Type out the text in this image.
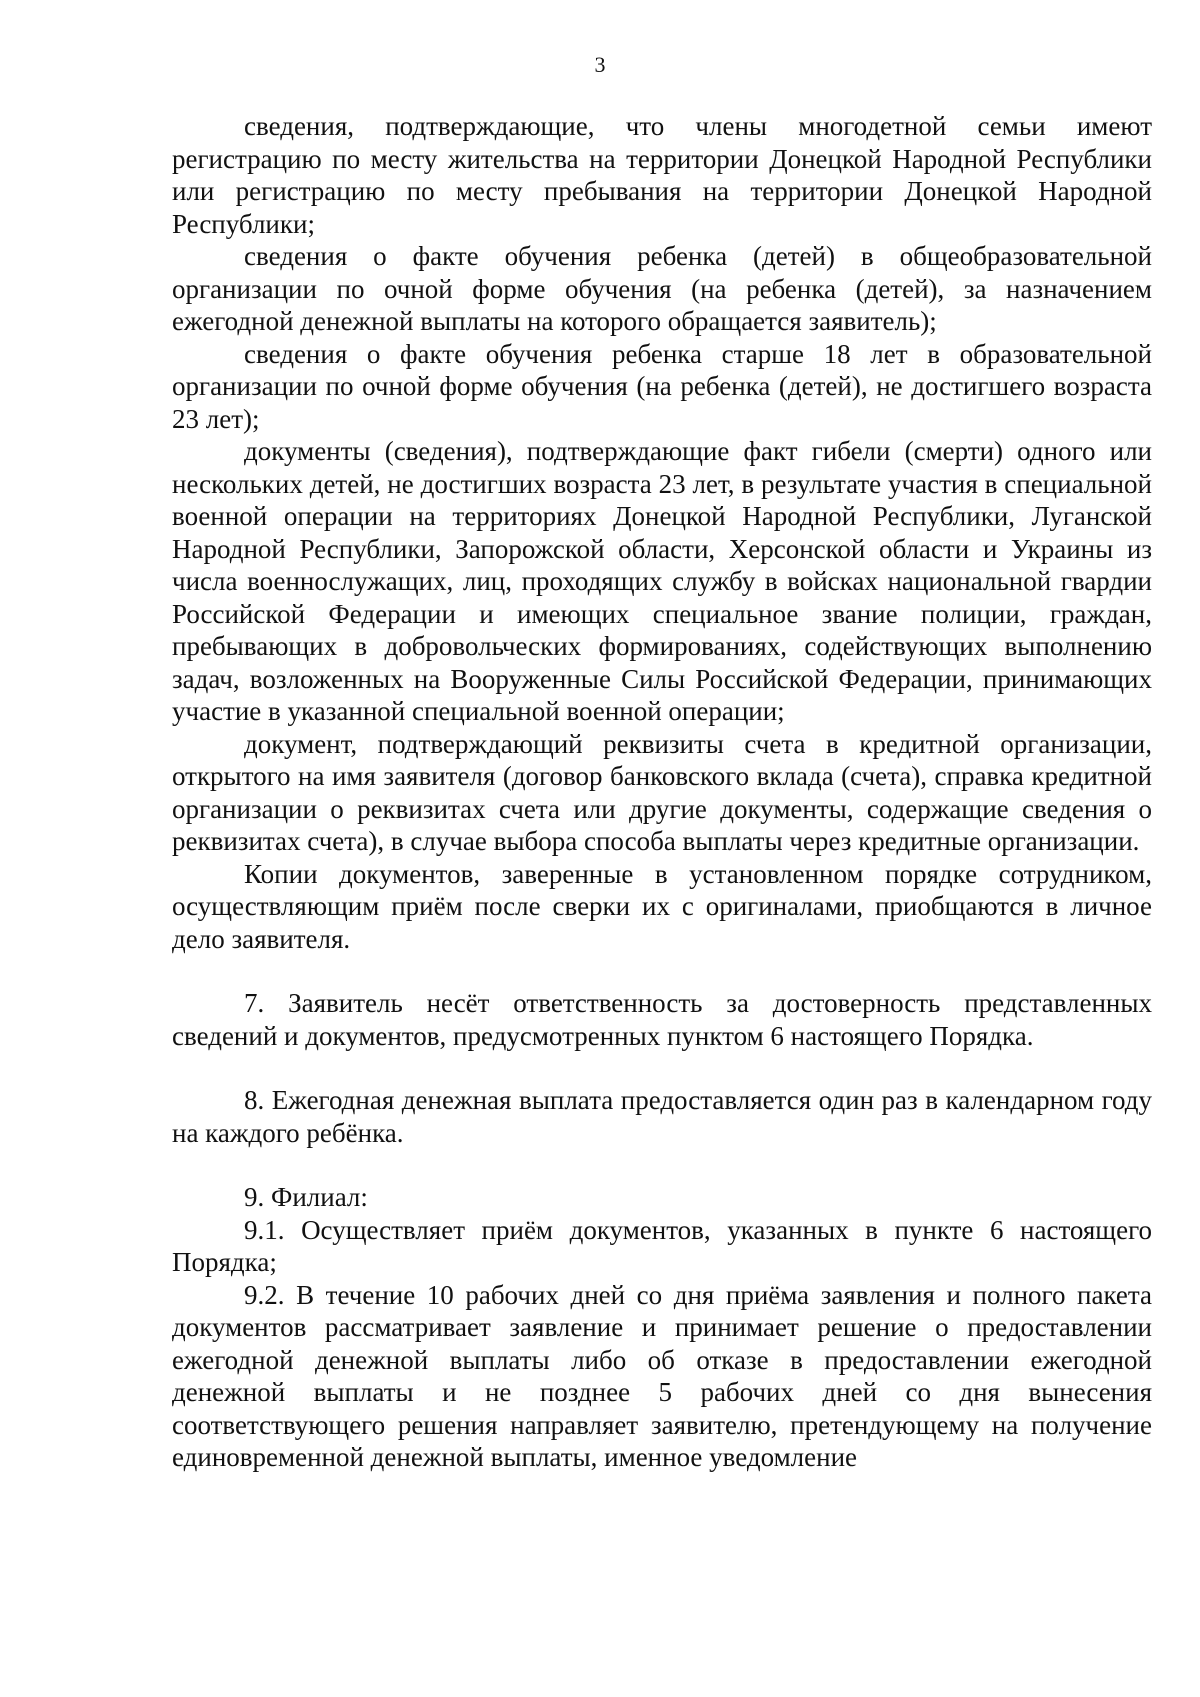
3

сведения, подтверждающие, что члены многодетной семьи имеют регистрацию по месту жительства на территории Донецкой Народной Республики или регистрацию по месту пребывания на территории Донецкой Народной Республики;

сведения о факте обучения ребенка (детей) в общеобразовательной организации по очной форме обучения (на ребенка (детей), за назначением ежегодной денежной выплаты на которого обращается заявитель);

сведения о факте обучения ребенка старше 18 лет в образовательной организации по очной форме обучения (на ребенка (детей), не достигшего возраста 23 лет);

документы (сведения), подтверждающие факт гибели (смерти) одного или нескольких детей, не достигших возраста 23 лет, в результате участия в специальной военной операции на территориях Донецкой Народной Республики, Луганской Народной Республики, Запорожской области, Херсонской области и Украины из числа военнослужащих, лиц, проходящих службу в войсках национальной гвардии Российской Федерации и имеющих специальное звание полиции, граждан, пребывающих в добровольческих формированиях, содействующих выполнению задач, возложенных на Вооруженные Силы Российской Федерации, принимающих участие в указанной специальной военной операции;

документ, подтверждающий реквизиты счета в кредитной организации, открытого на имя заявителя (договор банковского вклада (счета), справка кредитной организации о реквизитах счета или другие документы, содержащие сведения о реквизитах счета), в случае выбора способа выплаты через кредитные организации.

Копии документов, заверенные в установленном порядке сотрудником, осуществляющим приём после сверки их с оригиналами, приобщаются в личное дело заявителя.

7. Заявитель несёт ответственность за достоверность представленных сведений и документов, предусмотренных пунктом 6 настоящего Порядка.

8. Ежегодная денежная выплата предоставляется один раз в календарном году на каждого ребёнка.

9. Филиал:

9.1. Осуществляет приём документов, указанных в пункте 6 настоящего Порядка;

9.2. В течение 10 рабочих дней со дня приёма заявления и полного пакета документов рассматривает заявление и принимает решение о предоставлении ежегодной денежной выплаты либо об отказе в предоставлении ежегодной денежной выплаты и не позднее 5 рабочих дней со дня вынесения соответствующего решения направляет заявителю, претендующему на получение единовременной денежной выплаты, именное уведомление
